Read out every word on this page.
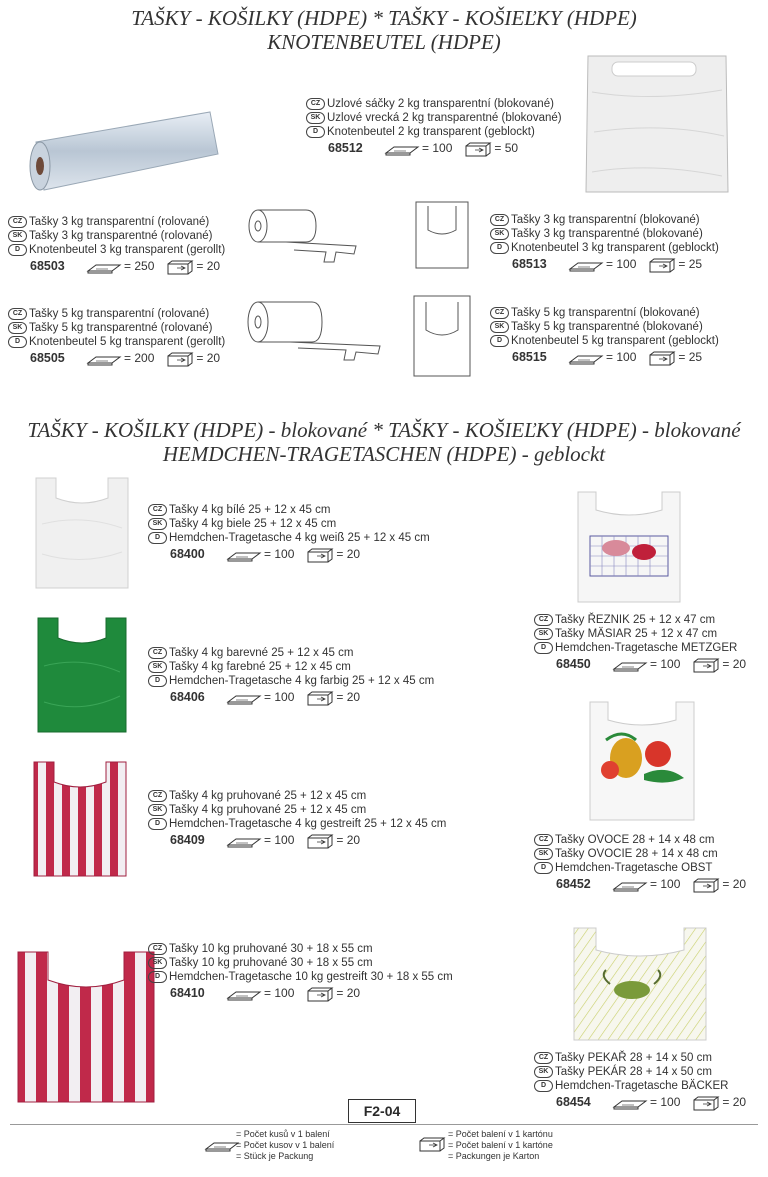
TAŠKY - KOŠILKY (HDPE) * TAŠKY - KOŠIEĽKY (HDPE)
KNOTENBEUTEL (HDPE)
CZ Uzlové sáčky 2 kg transparentní (blokované)
SK Uzlové vrecká 2 kg transparentné (blokované)
D Knotenbeutel 2 kg transparent (geblockt)
68512	= 100	= 50
CZ Tašky 3 kg transparentní (rolované)
SK Tašky 3 kg transparentné (rolované)
D Knotenbeutel 3 kg transparent (gerollt)
68503	= 250	= 20
CZ Tašky 3 kg transparentní (blokované)
SK Tašky 3 kg transparentné (blokované)
D Knotenbeutel 3 kg transparent (geblockt)
68513	= 100	= 25
CZ Tašky 5 kg transparentní (rolované)
SK Tašky 5 kg transparentné (rolované)
D Knotenbeutel 5 kg transparent (gerollt)
68505	= 200	= 20
CZ Tašky 5 kg transparentní (blokované)
SK Tašky 5 kg transparentné (blokované)
D Knotenbeutel 5 kg transparent (geblockt)
68515	= 100	= 25
TAŠKY - KOŠILKY (HDPE) - blokované * TAŠKY - KOŠIEĽKY (HDPE) - blokované
HEMDCHEN-TRAGETASCHEN (HDPE) - geblockt
CZ Tašky 4 kg bílé 25 + 12 x 45 cm
SK Tašky 4 kg biele 25 + 12 x 45 cm
D Hemdchen-Tragetasche 4 kg weiß 25 + 12 x 45 cm
68400	= 100	= 20
CZ Tašky 4 kg barevné 25 + 12 x 45 cm
SK Tašky 4 kg farebné 25 + 12 x 45 cm
D Hemdchen-Tragetasche 4 kg farbig 25 + 12 x 45 cm
68406	= 100	= 20
CZ Tašky 4 kg pruhované 25 + 12 x 45 cm
SK Tašky 4 kg pruhované 25 + 12 x 45 cm
D Hemdchen-Tragetasche 4 kg gestreift 25 + 12 x 45 cm
68409	= 100	= 20
CZ Tašky 10 kg pruhované 30 + 18 x 55 cm
SK Tašky 10 kg pruhované 30 + 18 x 55 cm
D Hemdchen-Tragetasche 10 kg gestreift 30 + 18 x 55 cm
68410	= 100	= 20
CZ Tašky ŘEZNIK 25 + 12 x 47 cm
SK Tašky MÄSIAR 25 + 12 x 47 cm
D Hemdchen-Tragetasche METZGER
68450	= 100	= 20
CZ Tašky OVOCE 28 + 14 x 48 cm
SK Tašky OVOCIE 28 + 14 x 48 cm
D Hemdchen-Tragetasche OBST
68452	= 100	= 20
CZ Tašky PEKAŘ 28 + 14 x 50 cm
SK Tašky PEKÁR 28 + 14 x 50 cm
D Hemdchen-Tragetasche BÄCKER
68454	= 100	= 20
F2-04
= Počet kusů v 1 balení
= Počet kusov v 1 balení
= Stück je Packung
= Počet balení v 1 kartónu
= Počet balení v 1 kartóne
= Packungen je Karton
